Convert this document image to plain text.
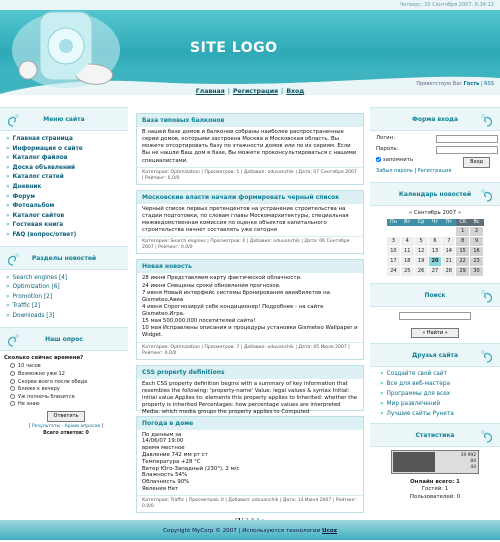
Четверг, 20 Сентября 2007, 6:34:12
SITE LOGO
Приветствую Вас Гость | RSS
Главная | Регистрация | Вход
Меню сайта
» Главная страница
» Информация о сайте
» Каталог файлов
» Доска объявлений
» Каталог статей
» Дневник
» Форум
» Фотоальбом
» Каталог сайтов
» Гостевая книга
» FAQ (вопрос/ответ)
Разделы новостей
» Search engines [4]
» Optimization [6]
» Promotion [2]
» Traffic [2]
» Downloads [3]
Наш опрос
Сколько сейчас времени?
10 часов
Возможно уже 12
Скорее всего после обеда
Ближе к вечеру
Уж полночь близится
Не знаю
Ответить
[ Результаты · Архив опросов ]
Всего ответов: 0
База типовых балконов
В нашей базе домов и балконов собраны наиболее распространенные серии домов, которыми застроена Москва и Московская область. Вы можете отсортировать базу по этажности домов или по их сериям. Если Вы не нашли Ваш дом в базе, Вы можете проконсультироваться с нашими специалистами.
Категория: Optimization | Просмотров: 1 | Добавил: oduvanchik | Дата: 07 Сентября 2007 | Рейтинг: 0.0/0
Московские власти начали формировать черный список
Черный список первых претендентов на устранение строительства на стадии подготовки, по словам главы Москомархитектуры, специальная межведомственная комиссия по оценке объектов капитального строительства начнет составлять уже сегодня
Категория: Search engines | Просмотров: 0 | Добавил: oduvanchik | Дата: 06 Сентября 2007 | Рейтинг: 0.0/0
Новая новость
28 июня Представляем карту фактической облачности.
24 июня Смещены сроки обновления прогнозов.
7 июня Новый интерфейс системы бронирования авиабилетов на Gismeteo.Авиа
4 июня Спрогнозируй себе кондиционер! Подробнее - на сайте Gismeteo.Игра.
15 мая 500,000,000 посетителей сайта!
10 мая Исправлены описания и процедуры установки Gismeteo Wallpaper и Widget.
Категория: Optimization | Просмотров: 7 | Добавил: oduvanchik | Дата: 05 Июля 2007 | Рейтинг: 0.0/0
CSS property definitions
Each CSS property definition begins with a summary of key information that resembles the following: 'property-name' Value: legal values & syntax Initial: initial value Applies to: elements this property applies to Inherited: whether the property is inherited Percentages: how percentage values are interpreted Media: which media groups the property applies to Computed
Погода в доме
По данным за
14/06/07 19:00
время местное
Давление 742 мм рт ст
Температура +28 °C
Ветер Юго-Западный (230°), 2 м/с
Влажность 54%
Облачность 90%
Явления Нет
Категория: Traffic | Просмотров: 0 | Добавил: oduvanchik | Дата: 14 Июня 2007 | Рейтинг: 0.0/0
Форма входа
Логин:
Пароль:
запомнить	Вход
Забыл пароль | Регистрация
Календарь новостей
« Сентябрь 2007 »
Пн	Вт	Ср	Чт	Пт	Сб	Вс
					1	2
3	4	5	6	7	8	9
10	11	12	13	14	15	16
17	18	19	20	21	22	23
24	25	26	27	28	29	30
Поиск

« Найти »
Друзья сайта
» Создайте свой сайт
» Все для веб-мастера
» Программы для всех
» Мир развлечений
» Лучшие сайты Рунета
Статистика
19 992
84
44
Онлайн всего: 1
Гостей: 1
Пользователей: 0
Copyright MyCorp © 2007 | Используются технологии Ucoz
